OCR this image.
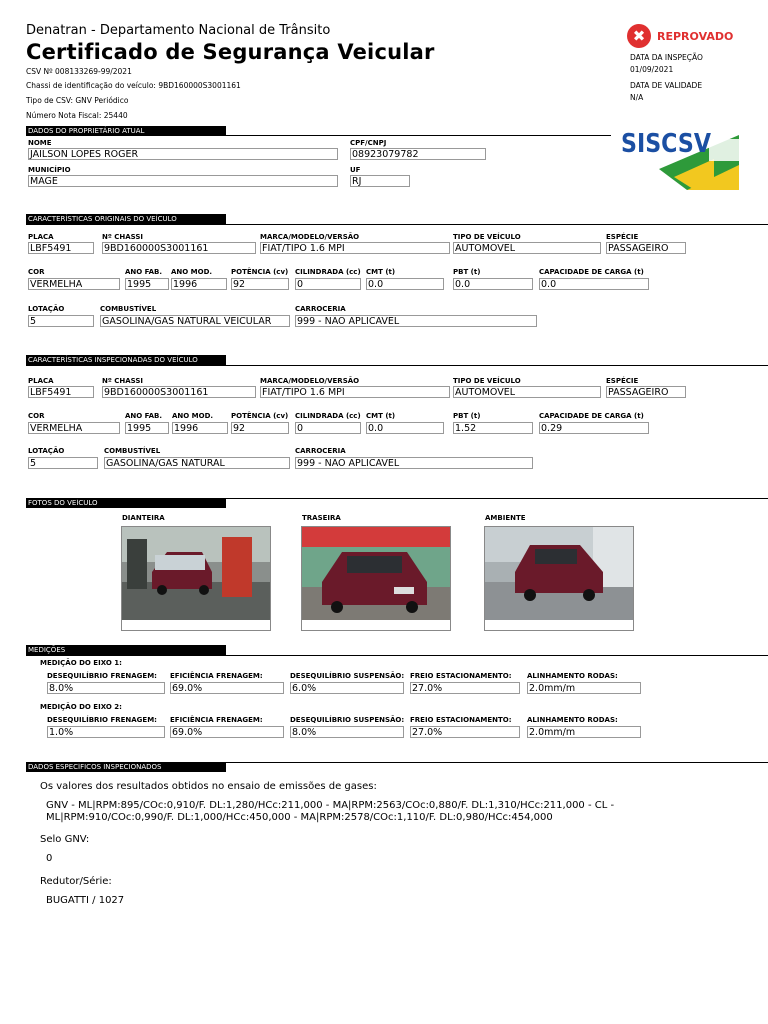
Denatran - Departamento Nacional de Trânsito
Certificado de Segurança Veicular
CSV Nº 008133269-99/2021
Chassi de identificação do veículo: 9BD160000S3001161
Tipo de CSV: GNV Periódico
Número Nota Fiscal: 25440
✖	REPROVADO
DATA DA INSPEÇÃO
01/09/2021
DATA DE VALIDADE
N/A
SISCSV
DADOS DO PROPRIETÁRIO ATUAL
NOME
JAILSON LOPES ROGER
CPF/CNPJ
08923079782
MUNICÍPIO
MAGE
UF
RJ
CARACTERÍSTICAS ORIGINAIS DO VEÍCULO
PLACA
LBF5491
Nº CHASSI
9BD160000S3001161
MARCA/MODELO/VERSÃO
FIAT/TIPO 1.6 MPI
TIPO DE VEÍCULO
AUTOMOVEL
ESPÉCIE
PASSAGEIRO
COR
VERMELHA
ANO FAB.
1995
ANO MOD.
1996
POTÊNCIA (cv)
92
CILINDRADA (cc)
0
CMT (t)
0.0
PBT (t)
0.0
CAPACIDADE DE CARGA (t)
0.0
LOTAÇÃO
5
COMBUSTÍVEL
GASOLINA/GAS NATURAL VEICULAR
CARROCERIA
999 - NÃO APLICAVEL
CARACTERÍSTICAS INSPECIONADAS DO VEÍCULO
PLACA
LBF5491
Nº CHASSI
9BD160000S3001161
MARCA/MODELO/VERSÃO
FIAT/TIPO 1.6 MPI
TIPO DE VEÍCULO
AUTOMOVEL
ESPÉCIE
PASSAGEIRO
COR
VERMELHA
ANO FAB.
1995
ANO MOD.
1996
POTÊNCIA (cv)
92
CILINDRADA (cc)
0
CMT (t)
0.0
PBT (t)
1.52
CAPACIDADE DE CARGA (t)
0.29
LOTAÇÃO
5
COMBUSTÍVEL
GASOLINA/GAS NATURAL
CARROCERIA
999 - NÃO APLICAVEL
FOTOS DO VEÍCULO
DIANTEIRA	TRASEIRA	AMBIENTE
MEDIÇÕES
MEDIÇÃO DO EIXO 1:
DESEQUILÍBRIO FRENAGEM:
8.0%
EFICIÊNCIA FRENAGEM:
69.0%
DESEQUILÍBRIO SUSPENSÃO:
6.0%
FREIO ESTACIONAMENTO:
27.0%
ALINHAMENTO RODAS:
2.0mm/m
MEDIÇÃO DO EIXO 2:
DESEQUILÍBRIO FRENAGEM:
1.0%
EFICIÊNCIA FRENAGEM:
69.0%
DESEQUILÍBRIO SUSPENSÃO:
8.0%
FREIO ESTACIONAMENTO:
27.0%
ALINHAMENTO RODAS:
2.0mm/m
DADOS ESPECÍFICOS INSPECIONADOS
Os valores dos resultados obtidos no ensaio de emissões de gases:
GNV - ML|RPM:895/COc:0,910/F. DL:1,280/HCc:211,000 - MA|RPM:2563/COc:0,880/F. DL:1,310/HCc:211,000 - CL -
ML|RPM:910/COc:0,990/F. DL:1,000/HCc:450,000 - MA|RPM:2578/COc:1,110/F. DL:0,980/HCc:454,000
Selo GNV:
0
Redutor/Série:
BUGATTI / 1027
